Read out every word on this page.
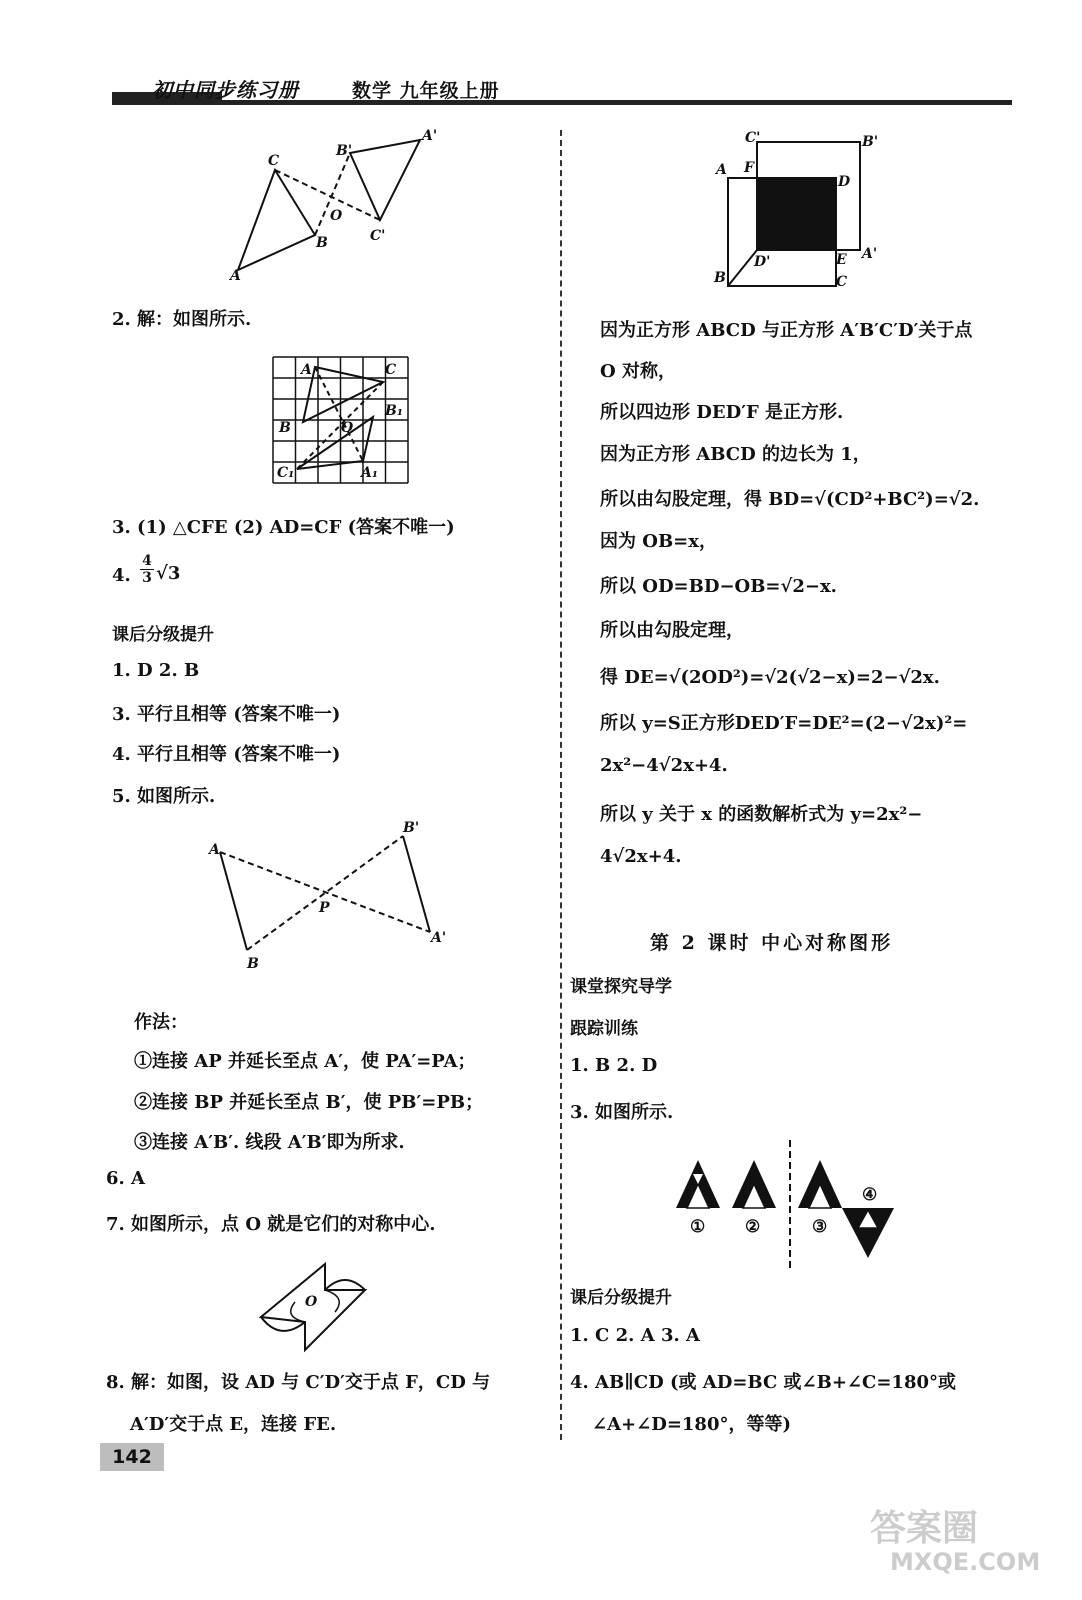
初中同步练习册	数学 九年级上册
C
A
B
O
B'
A'
C'
2. 解：如图所示.
A	C
B	O
B₁
C₁	A₁
3. (1) △CFE (2) AD=CF (答案不唯一)
4. $\frac{4}{3} √3$
课后分级提升
1. D 2. B
3. 平行且相等 (答案不唯一)
4. 平行且相等 (答案不唯一)
5. 如图所示.
A
B
P
B'
A'
作法：
①连接 AP 并延长至点 A′，使 PA′=PA；
②连接 BP 并延长至点 B′，使 PB′=PB；
③连接 A′B′. 线段 A′B′即为所求.
6. A
7. 如图所示，点 O 就是它们的对称中心.
O
8. 解：如图，设 AD 与 C′D′交于点 F，CD 与
A′D′交于点 E，连接 FE.
C'	B'
A F
D
B
D'	E A'
C
因为正方形 ABCD 与正方形 A′B′C′D′关于点
O 对称，
所以四边形 DED′F 是正方形.
因为正方形 ABCD 的边长为 1，
所以由勾股定理，得 BD=√(CD²+BC²)=√2.
因为 OB=x，
所以 OD=BD−OB=√2−x.
所以由勾股定理，
得 DE=√(2OD²)=√2(√2−x)=2−√2x.
所以 y=S正方形DED′F=DE²=(2−√2x)²=
2x²−4√2x+4.
所以 y 关于 x 的函数解析式为 y=2x²−
4√2x+4.
第 2 课时 中心对称图形
课堂探究导学
跟踪训练
1. B 2. D
3. 如图所示.
① ②	③
④
课后分级提升
1. C 2. A 3. A
4. AB∥CD (或 AD=BC 或∠B+∠C=180°或
∠A+∠D=180°，等等)
142
答案圈
MXQE.COM
